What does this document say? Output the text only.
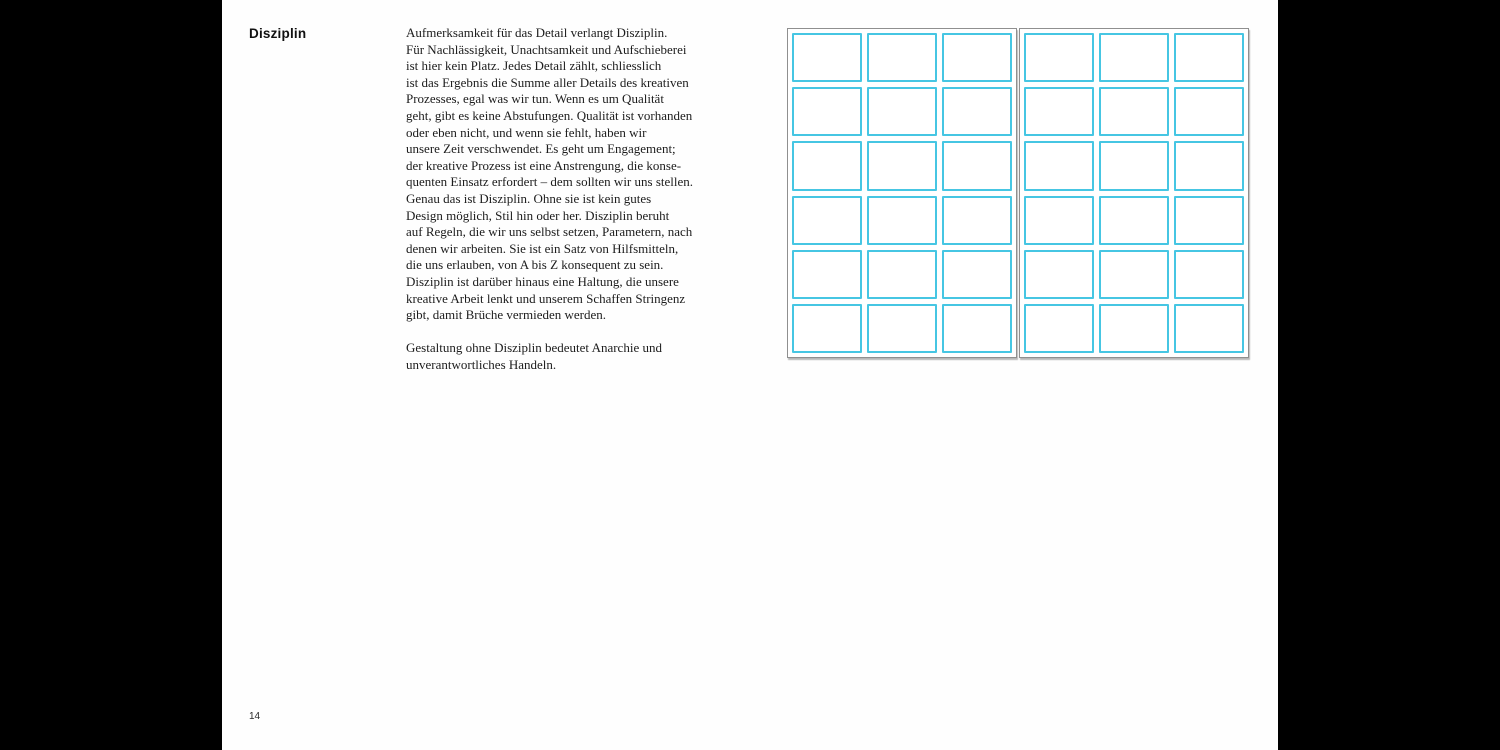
Disziplin	Aufmerksamkeit für das Detail verlangt Disziplin.
Für Nachlässigkeit, Unachtsamkeit und Aufschieberei
ist hier kein Platz. Jedes Detail zählt, schliesslich
ist das Ergebnis die Summe aller Details des kreativen
Prozesses, egal was wir tun. Wenn es um Qualität
geht, gibt es keine Abstufungen. Qualität ist vorhanden
oder eben nicht, und wenn sie fehlt, haben wir
unsere Zeit verschwendet. Es geht um Engagement;
der kreative Prozess ist eine Anstrengung, die konse-
quenten Einsatz erfordert – dem sollten wir uns stellen.
Genau das ist Disziplin. Ohne sie ist kein gutes
Design möglich, Stil hin oder her. Disziplin beruht
auf Regeln, die wir uns selbst setzen, Parametern, nach
denen wir arbeiten. Sie ist ein Satz von Hilfsmitteln,
die uns erlauben, von A bis Z konsequent zu sein.
Disziplin ist darüber hinaus eine Haltung, die unsere
kreative Arbeit lenkt und unserem Schaffen Stringenz
gibt, damit Brüche vermieden werden.
Gestaltung ohne Disziplin bedeutet Anarchie und
unverantwortliches Handeln.
14
